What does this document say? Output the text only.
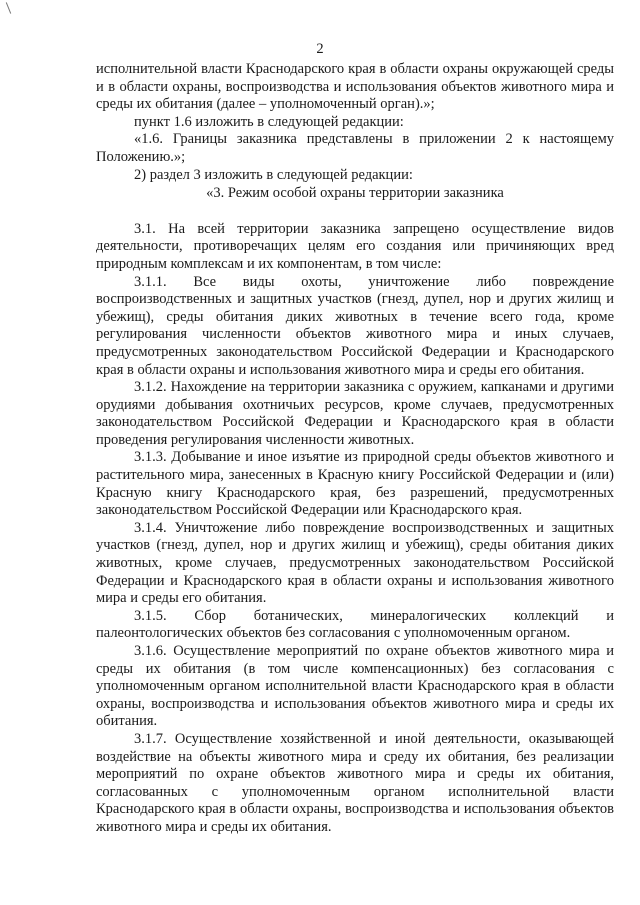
2

исполнительной власти Краснодарского края в области охраны окружающей среды и в области охраны, воспроизводства и использования объектов животного мира и среды их обитания (далее – уполномоченный орган).»;

пункт 1.6 изложить в следующей редакции:

«1.6. Границы заказника представлены в приложении 2 к настоящему Положению.»;

2) раздел 3 изложить в следующей редакции:

«3. Режим особой охраны территории заказника

3.1. На всей территории заказника запрещено осуществление видов деятельности, противоречащих целям его создания или причиняющих вред природным комплексам и их компонентам, в том числе:

3.1.1. Все виды охоты, уничтожение либо повреждение воспроизводственных и защитных участков (гнезд, дупел, нор и других жилищ и убежищ), среды обитания диких животных в течение всего года, кроме регулирования численности объектов животного мира и иных случаев, предусмотренных законодательством Российской Федерации и Краснодарского края в области охраны и использования животного мира и среды его обитания.

3.1.2. Нахождение на территории заказника с оружием, капканами и другими орудиями добывания охотничьих ресурсов, кроме случаев, предусмотренных законодательством Российской Федерации и Краснодарского края в области проведения регулирования численности животных.

3.1.3. Добывание и иное изъятие из природной среды объектов животного и растительного мира, занесенных в Красную книгу Российской Федерации и (или) Красную книгу Краснодарского края, без разрешений, предусмотренных законодательством Российской Федерации или Краснодарского края.

3.1.4. Уничтожение либо повреждение воспроизводственных и защитных участков (гнезд, дупел, нор и других жилищ и убежищ), среды обитания диких животных, кроме случаев, предусмотренных законодательством Российской Федерации и Краснодарского края в области охраны и использования животного мира и среды его обитания.

3.1.5. Сбор ботанических, минералогических коллекций и палеонтологических объектов без согласования с уполномоченным органом.

3.1.6. Осуществление мероприятий по охране объектов животного мира и среды их обитания (в том числе компенсационных) без согласования с уполномоченным органом исполнительной власти Краснодарского края в области охраны, воспроизводства и использования объектов животного мира и среды их обитания.

3.1.7. Осуществление хозяйственной и иной деятельности, оказывающей воздействие на объекты животного мира и среду их обитания, без реализации мероприятий по охране объектов животного мира и среды их обитания, согласованных с уполномоченным органом исполнительной власти Краснодарского края в области охраны, воспроизводства и использования объектов животного мира и среды их обитания.
